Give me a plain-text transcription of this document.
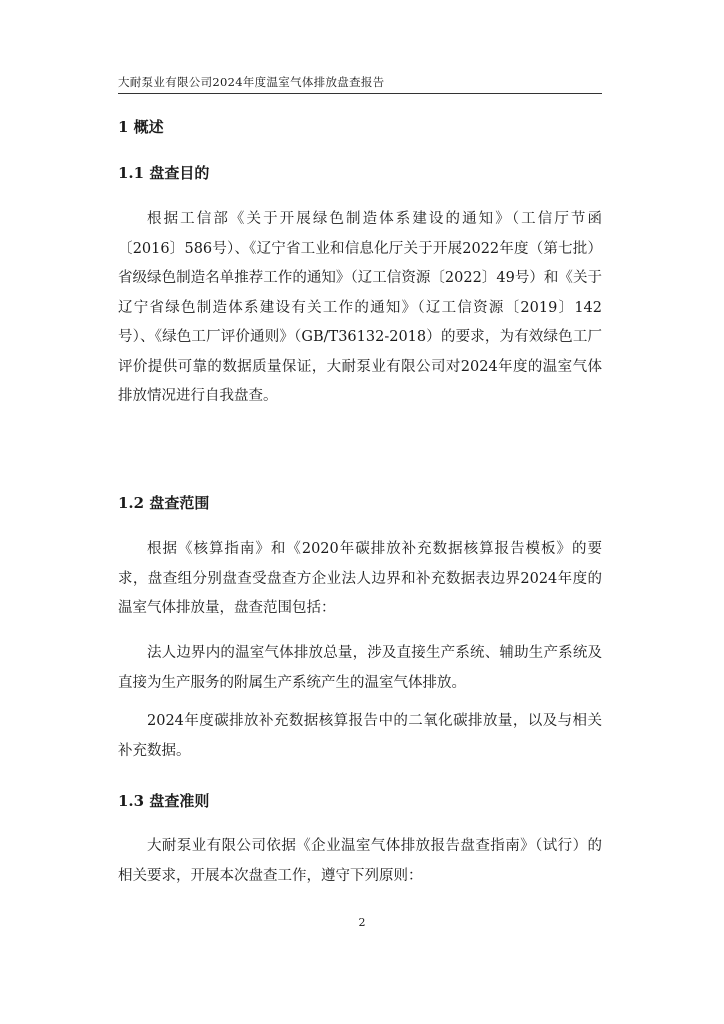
大耐泵业有限公司2024年度温室气体排放盘查报告
1 概述
1.1 盘查目的

根据工信部《关于开展绿色制造体系建设的通知》（工信厅节函〔2016〕586号）、《辽宁省工业和信息化厅关于开展2022年度（第七批）省级绿色制造名单推荐工作的通知》（辽工信资源〔2022〕49号）和《关于辽宁省绿色制造体系建设有关工作的通知》（辽工信资源〔2019〕142号）、《绿色工厂评价通则》（GB/T36132-2018）的要求，为有效绿色工厂评价提供可靠的数据质量保证，大耐泵业有限公司对2024年度的温室气体排放情况进行自我盘查。

1.2 盘查范围

根据《核算指南》和《2020年碳排放补充数据核算报告模板》的要求，盘查组分别盘查受盘查方企业法人边界和补充数据表边界2024年度的温室气体排放量，盘查范围包括：

法人边界内的温室气体排放总量，涉及直接生产系统、辅助生产系统及直接为生产服务的附属生产系统产生的温室气体排放。

2024年度碳排放补充数据核算报告中的二氧化碳排放量，以及与相关补充数据。

1.3 盘查准则

大耐泵业有限公司依据《企业温室气体排放报告盘查指南》（试行）的相关要求，开展本次盘查工作，遵守下列原则：

2
